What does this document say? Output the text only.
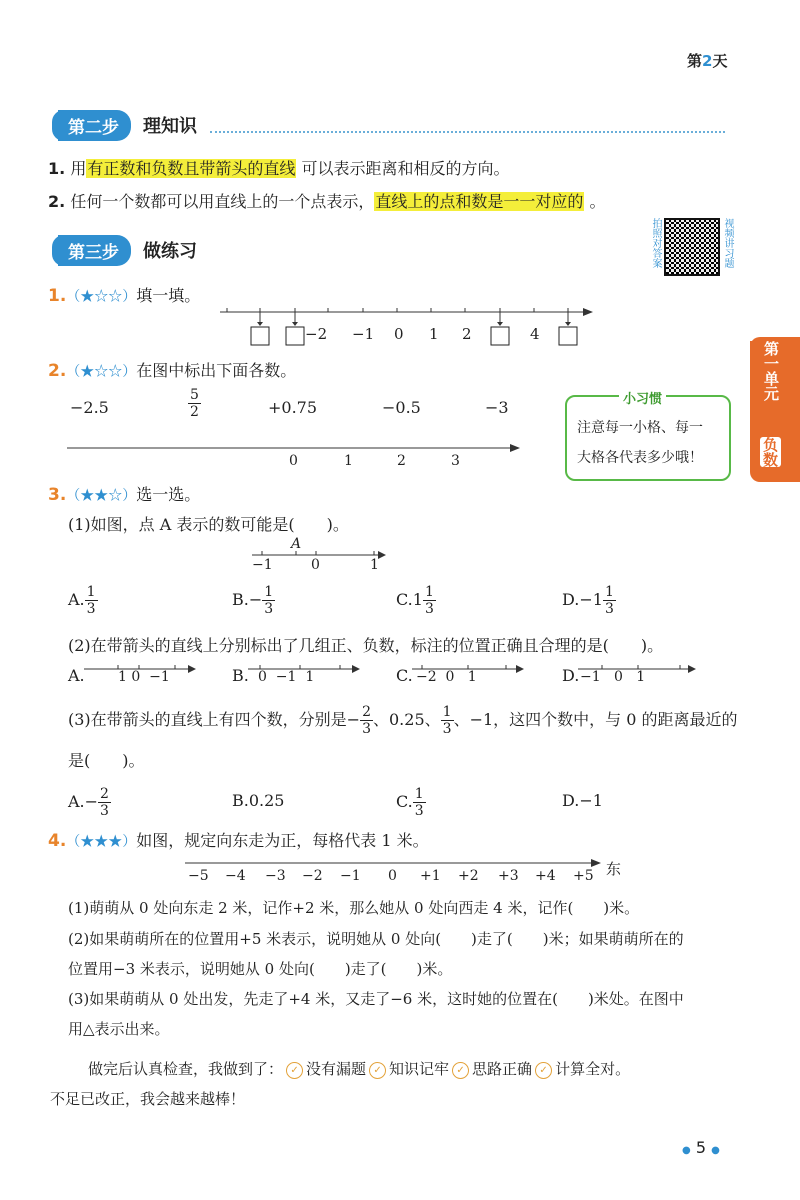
第2天
第一单元
负数
第二步	理知识
1. 用有正数和负数且带箭头的直线 可以表示距离和相反的方向。
2. 任何一个数都可以用直线上的一个点表示，直线上的点和数是一一对应的 。
第三步	做练习	拍照对答案	视频讲习题
1.（★☆☆）填一填。
−2 −1 0 1 2	4
2.（★☆☆）在图中标出下面各数。
−2.5	$\frac{5}{2}$	+0.75	−0.5	−3
0	1	2	3
小习惯
注意每一小格、每一
大格各代表多少哦！
3.（★★☆）选一选。
(1)如图，点 A 表示的数可能是(　　)。
A
−1	0	1
A. $\frac{1}{3}$	$B.- \frac{1}{3}$	$C.1 \frac{1}{3}$	$D.-1 \frac{1}{3}$
(2)在带箭头的直线上分别标出了几组正、负数，标注的位置正确且合理的是(　　)。
A. 1 0  −1	B. 0  −1  1	C. −2  0   1	D. −1   0   1
(3)在带箭头的直线上有四个数，分别是− $\frac{2}{3}$ 、0.25、 $\frac{1}{3}$ 、−1，这四个数中，与 0 的距离最近的
是(　　)。
$A.- \frac{2}{3}$	B.0.25	C. $\frac{1}{3}$	D.−1
4.（★★★）如图，规定向东走为正，每格代表 1 米。
−5 −4 −3 −2 −1 0 +1 +2 +3 +4 +5 东
(1)萌萌从 0 处向东走 2 米，记作+2 米，那么她从 0 处向西走 4 米，记作(　　)米。
(2)如果萌萌所在的位置用+5 米表示，说明她从 0 处向(　　)走了(　　)米；如果萌萌所在的
位置用−3 米表示，说明她从 0 处向(　　)走了(　　)米。
(3)如果萌萌从 0 处出发，先走了+4 米，又走了−6 米，这时她的位置在(　　)米处。在图中
用△表示出来。
做完后认真检查，我做到了： ✓ 没有漏题 ✓ 知识记牢 ✓ 思路正确 ✓ 计算全对。
不足已改正，我会越来越棒！
● 5 ●
